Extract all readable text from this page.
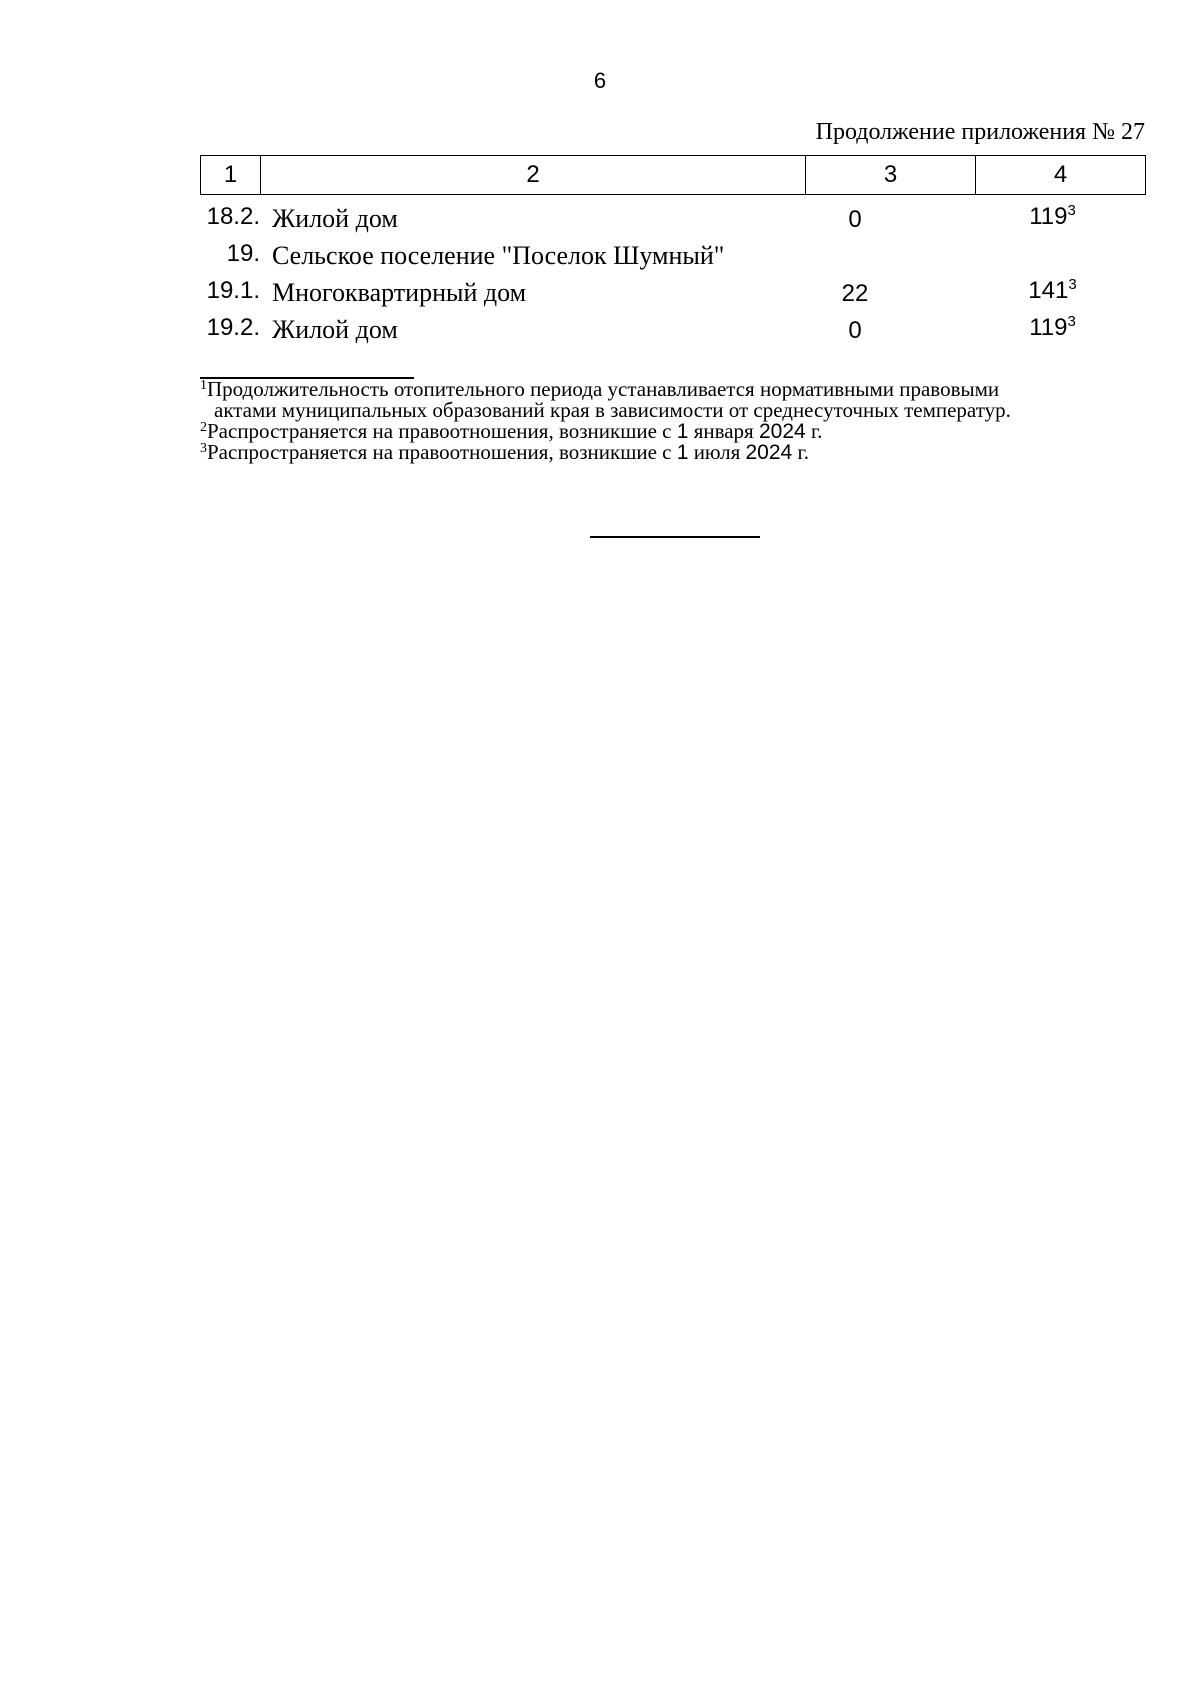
6
Продолжение приложения № 27
1	2	3	4
18.2. Жилой дом	0	$119^3$
19. Сельское поселение "Поселок Шумный"
19.1. Многоквартирный дом	22	$141^3$
19.2. Жилой дом	0	$119^3$

$^1$Продолжительность отопительного периода устанавливается нормативными правовыми

актами муниципальных образований края в зависимости от среднесуточных температур.

$^2$Распространяется на правоотношения, возникшие с 1 января 2024 г.

$^3$Распространяется на правоотношения, возникшие с 1 июля 2024 г.
